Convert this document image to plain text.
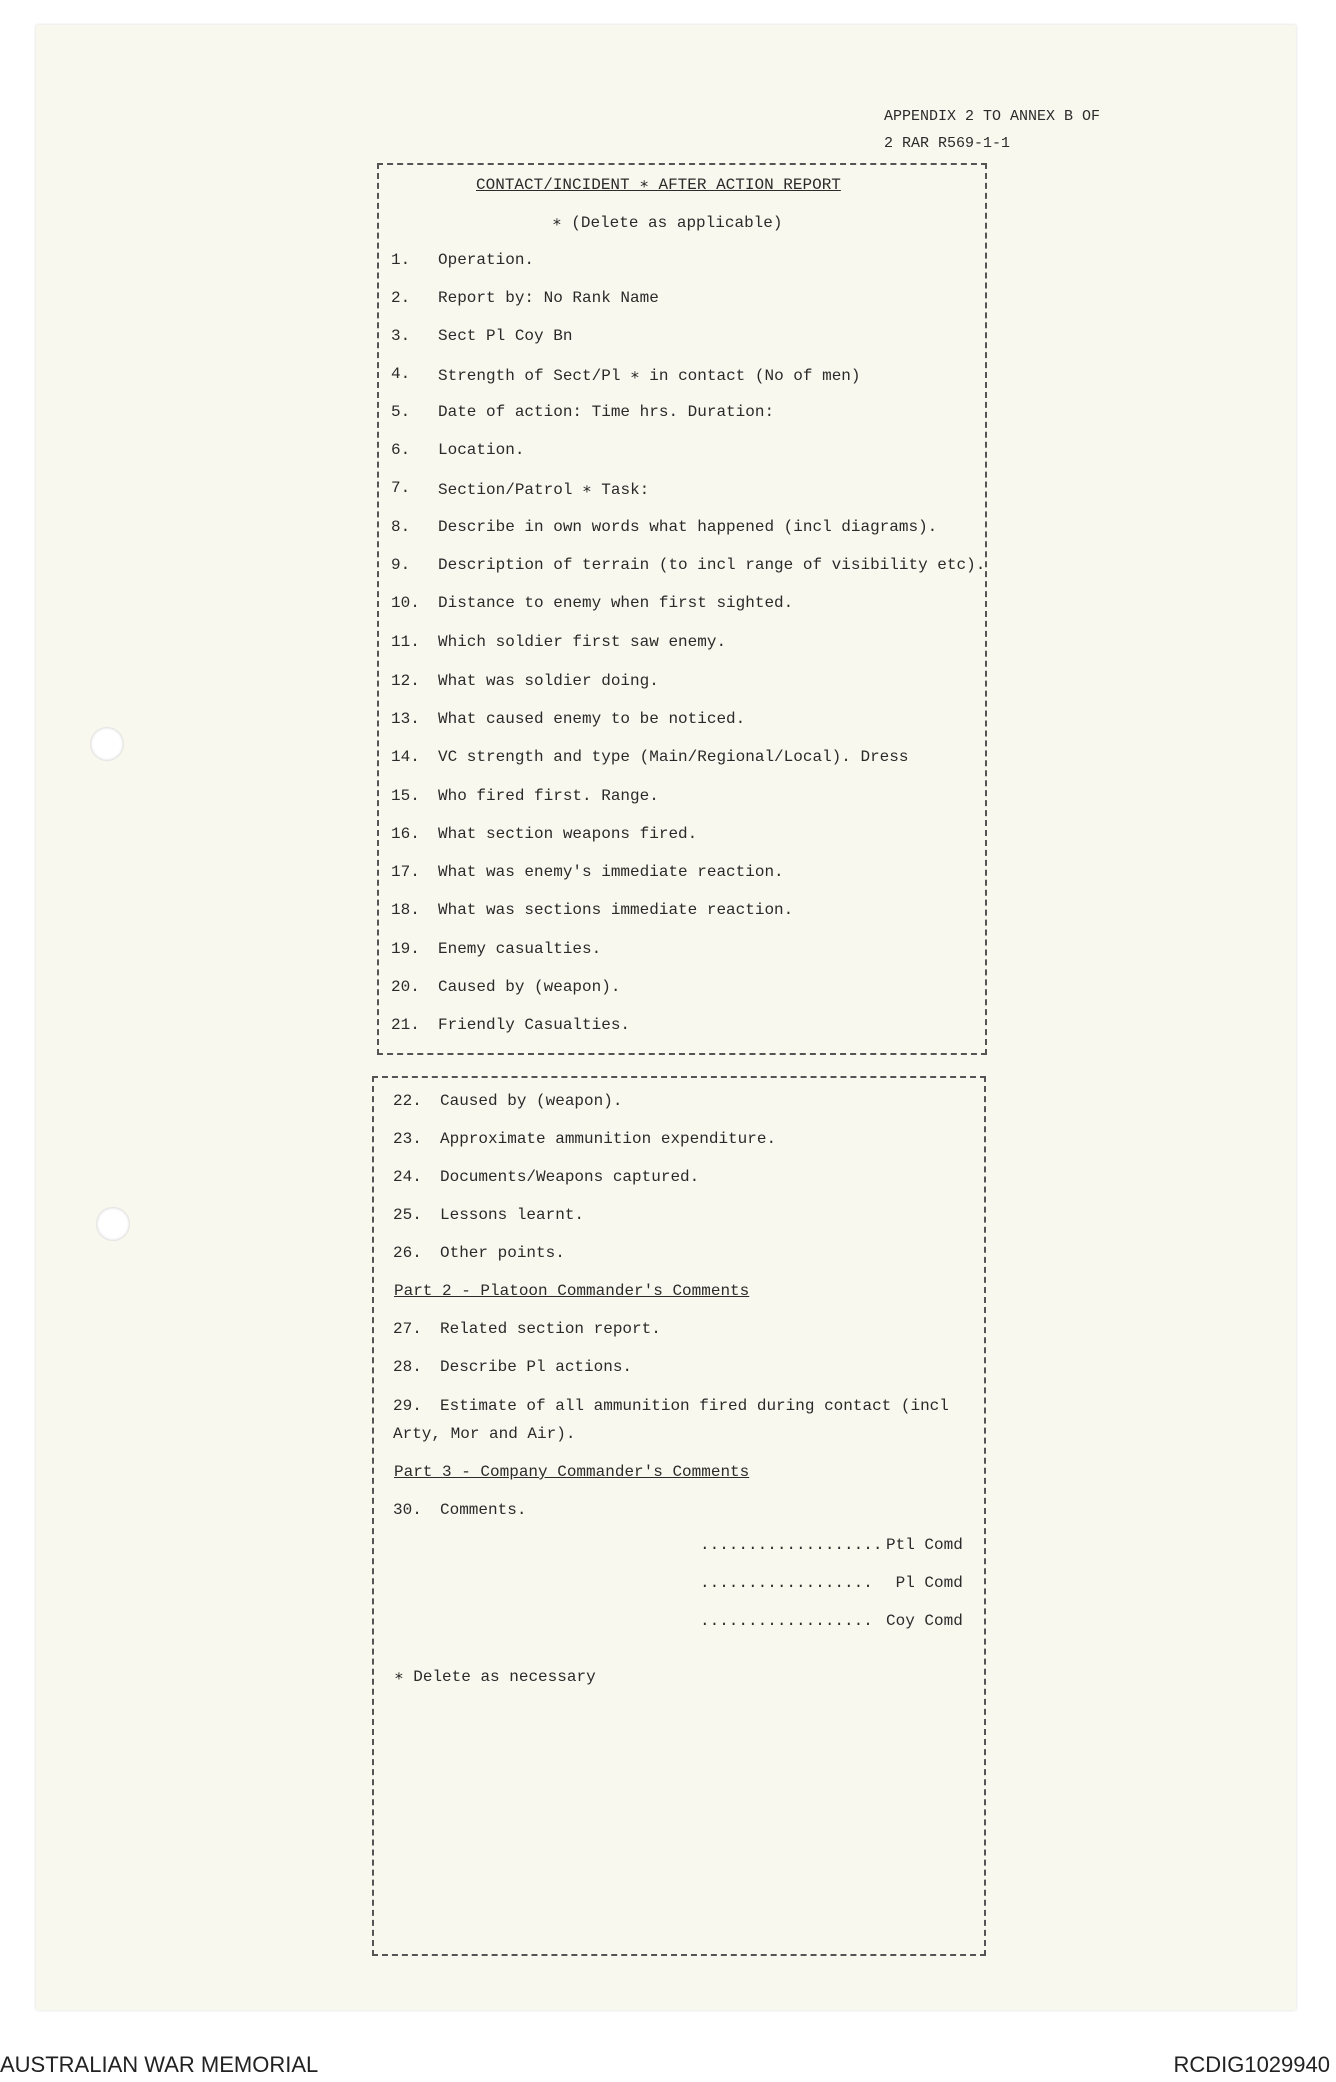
APPENDIX 2 TO ANNEX B OF
2 RAR R569-1-1
CONTACT/INCIDENT ∗ AFTER ACTION REPORT
∗ (Delete as applicable)
1. Operation.
2. Report by: No Rank Name
3. Sect Pl Coy Bn
4. Strength of Sect/Pl ∗ in contact (No of men)
5. Date of action: Time hrs. Duration:
6. Location.
7. Section/Patrol ∗ Task:
8. Describe in own words what happened (incl diagrams).
9. Description of terrain (to incl range of visibility etc).
10. Distance to enemy when first sighted.
11. Which soldier first saw enemy.
12. What was soldier doing.
13. What caused enemy to be noticed.
14. VC strength and type (Main/Regional/Local). Dress
15. Who fired first. Range.
16. What section weapons fired.
17. What was enemy's immediate reaction.
18. What was sections immediate reaction.
19. Enemy casualties.
20. Caused by (weapon).
21. Friendly Casualties.
22. Caused by (weapon).
23. Approximate ammunition expenditure.
24. Documents/Weapons captured.
25. Lessons learnt.
26. Other points.
Part 2 - Platoon Commander's Comments
27. Related section report.
28. Describe Pl actions.
29. Estimate of all ammunition fired during contact (incl
Arty, Mor and Air).
Part 3 - Company Commander's Comments
30. Comments.
................... Ptl Comd
.................. Pl Comd
.................. Coy Comd
∗ Delete as necessary
AUSTRALIAN WAR MEMORIAL	RCDIG1029940
